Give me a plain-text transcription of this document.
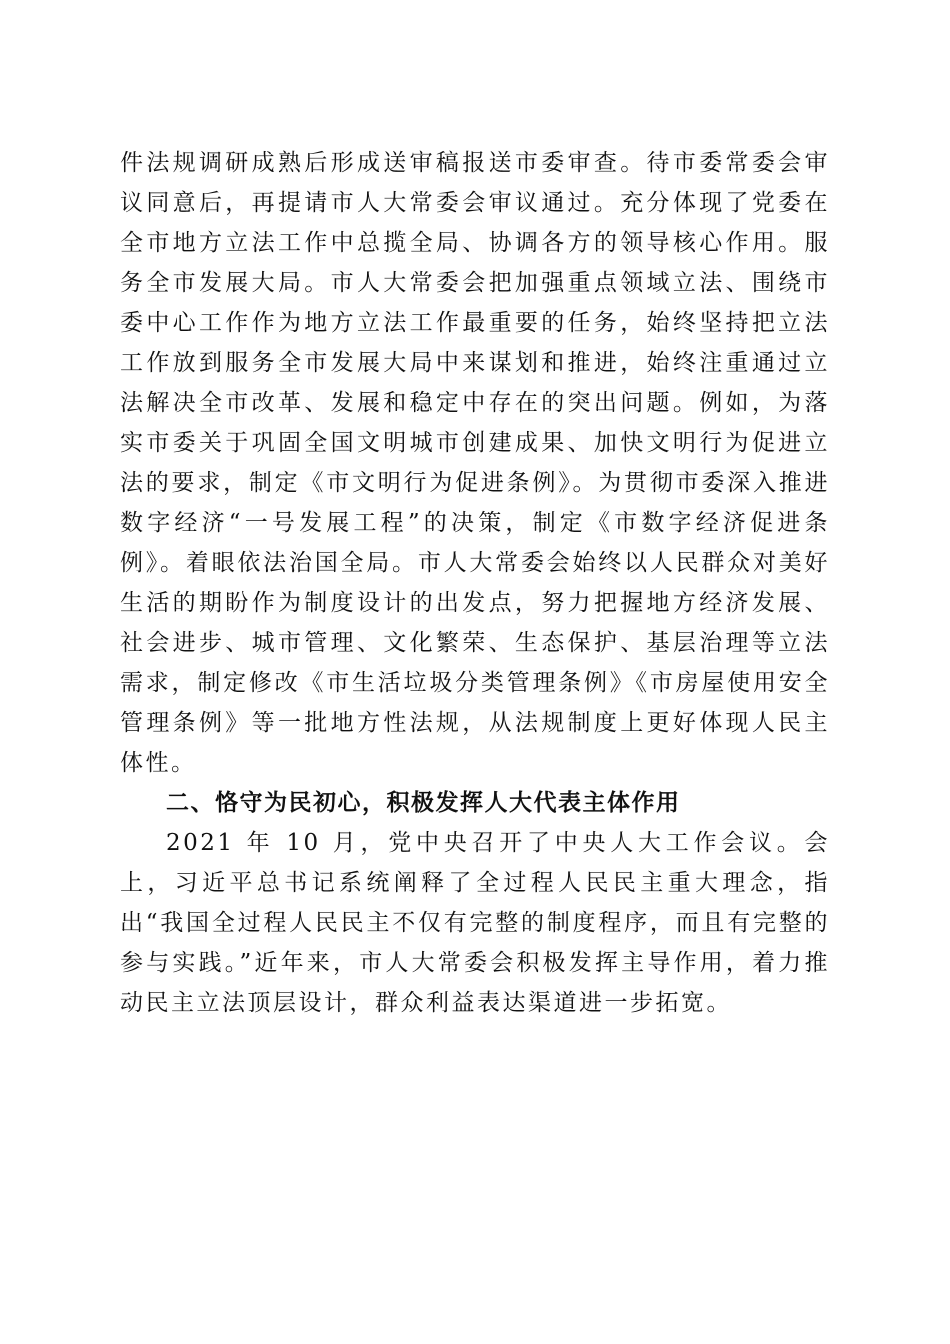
件法规调研成熟后形成送审稿报送市委审查。待市委常委会审议同意后，再提请市人大常委会审议通过。充分体现了党委在全市地方立法工作中总揽全局、协调各方的领导核心作用。服务全市发展大局。市人大常委会把加强重点领域立法、围绕市委中心工作作为地方立法工作最重要的任务，始终坚持把立法工作放到服务全市发展大局中来谋划和推进，始终注重通过立法解决全市改革、发展和稳定中存在的突出问题。例如，为落实市委关于巩固全国文明城市创建成果、加快文明行为促进立法的要求，制定《市文明行为促进条例》。为贯彻市委深入推进数字经济“一号发展工程”的决策，制定《市数字经济促进条例》。着眼依法治国全局。市人大常委会始终以人民群众对美好生活的期盼作为制度设计的出发点，努力把握地方经济发展、社会进步、城市管理、文化繁荣、生态保护、基层治理等立法需求，制定修改《市生活垃圾分类管理条例》《市房屋使用安全管理条例》等一批地方性法规，从法规制度上更好体现人民主体性。

二、恪守为民初心，积极发挥人大代表主体作用

2021 年 10 月，党中央召开了中央人大工作会议。会上，习近平总书记系统阐释了全过程人民民主重大理念，指出“我国全过程人民民主不仅有完整的制度程序，而且有完整的参与实践。”近年来，市人大常委会积极发挥主导作用，着力推动民主立法顶层设计，群众利益表达渠道进一步拓宽。
